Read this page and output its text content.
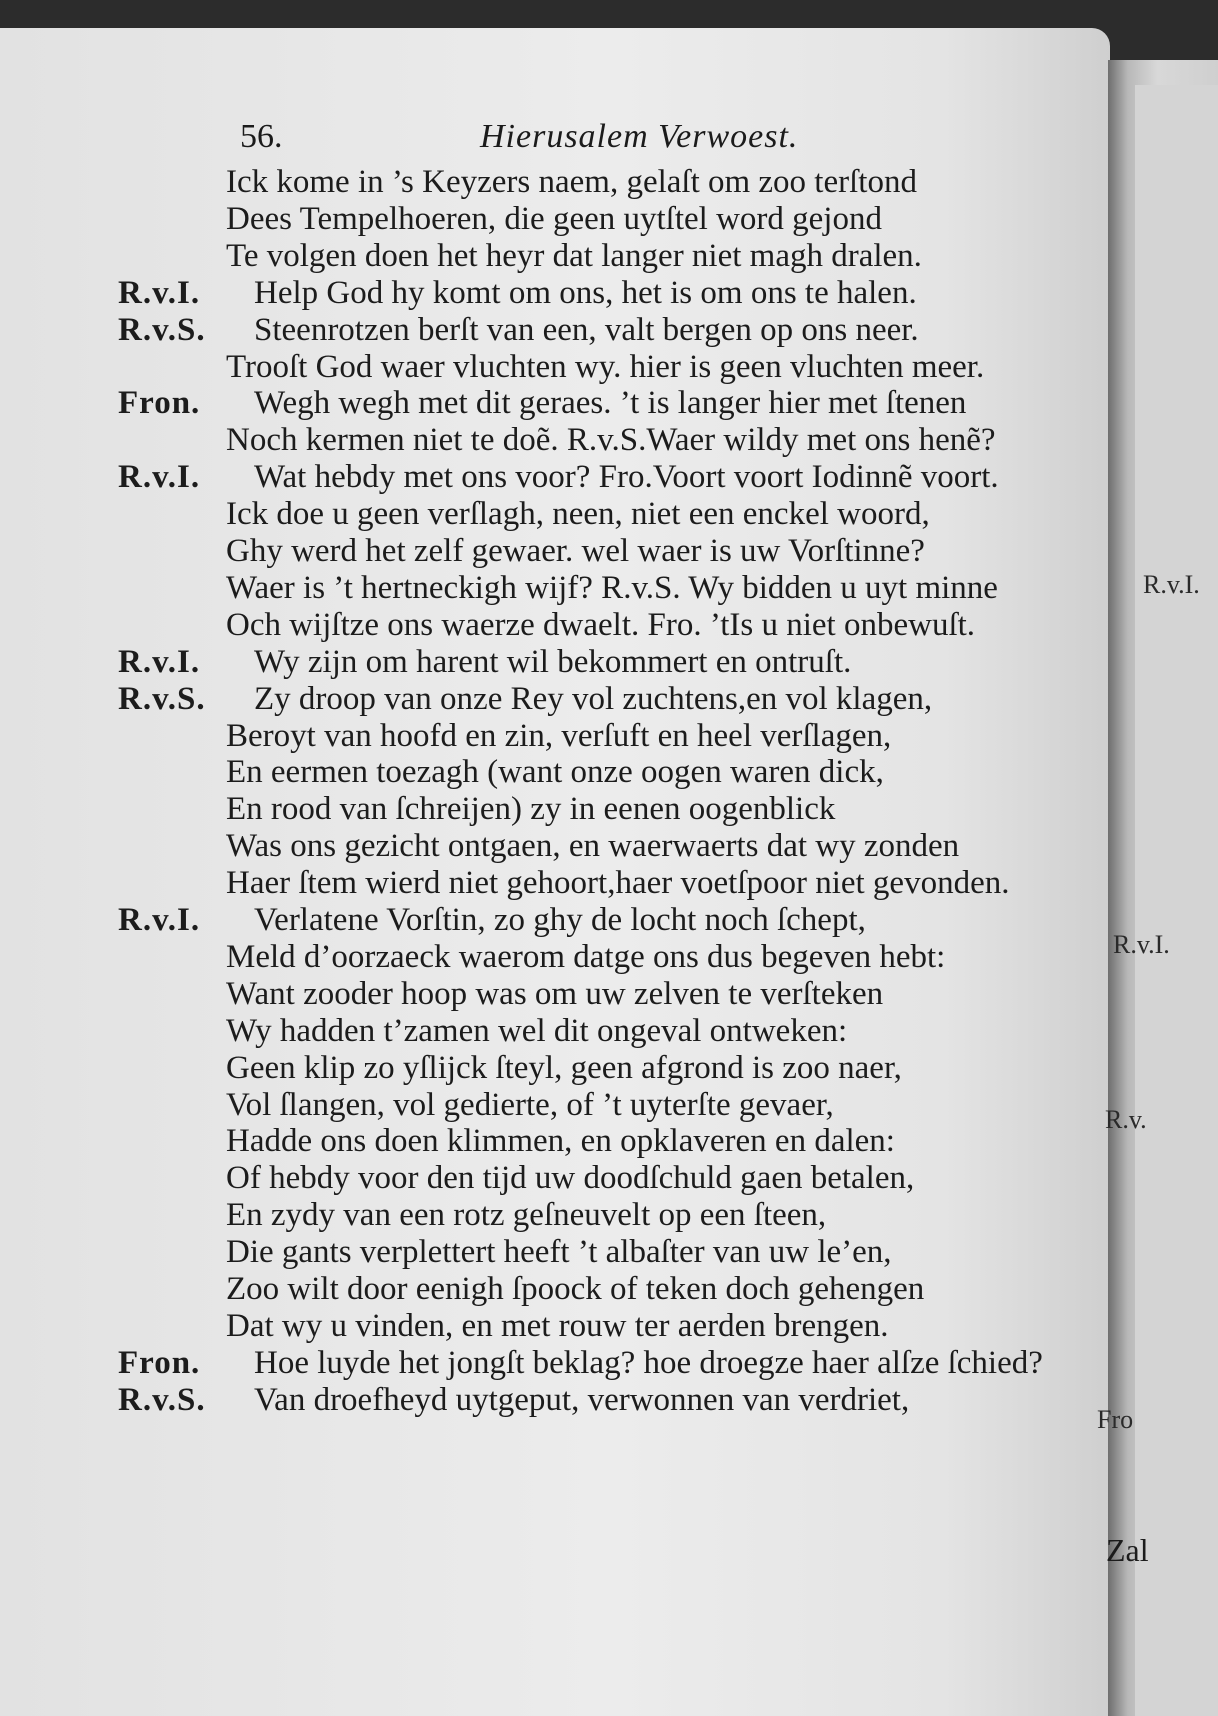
R.v.I.
R.v.I.
R.v.
Fro
56.	Hierusalem Verwoest.
Ick kome in ’s Keyzers naem, gelaſt om zoo terſtond
Dees Tempelhoeren, die geen uytſtel word gejond
Te volgen doen het heyr dat langer niet magh dralen.
R.v.I. Help God hy komt om ons, het is om ons te halen.
R.v.S. Steenrotzen berſt van een, valt bergen op ons neer.
Trooſt God waer vluchten wy. hier is geen vluchten meer.
Fron. Wegh wegh met dit geraes. ’t is langer hier met ſtenen
Noch kermen niet te doẽ. R.v.S.Waer wildy met ons henẽ?
R.v.I. Wat hebdy met ons voor? Fro.Voort voort Iodinnẽ voort.
Ick doe u geen verſlagh, neen, niet een enckel woord,
Ghy werd het zelf gewaer. wel waer is uw Vorſtinne?
Waer is ’t hertneckigh wijf? R.v.S. Wy bidden u uyt minne
Och wijſtze ons waerze dwaelt. Fro. ’tIs u niet onbewuſt.
R.v.I. Wy zijn om harent wil bekommert en ontruſt.
R.v.S. Zy droop van onze Rey vol zuchtens,en vol klagen,
Beroyt van hoofd en zin, verſuft en heel verſlagen,
En eermen toezagh (want onze oogen waren dick,
En rood van ſchreijen) zy in eenen oogenblick
Was ons gezicht ontgaen, en waerwaerts dat wy zonden
Haer ſtem wierd niet gehoort,haer voetſpoor niet gevonden.
R.v.I. Verlatene Vorſtin, zo ghy de locht noch ſchept,
Meld d’oorzaeck waerom datge ons dus begeven hebt:
Want zooder hoop was om uw zelven te verſteken
Wy hadden t’zamen wel dit ongeval ontweken:
Geen klip zo yſlijck ſteyl, geen afgrond is zoo naer,
Vol ſlangen, vol gedierte, of ’t uyterſte gevaer,
Hadde ons doen klimmen, en opklaveren en dalen:
Of hebdy voor den tijd uw doodſchuld gaen betalen,
En zydy van een rotz geſneuvelt op een ſteen,
Die gants verplettert heeft ’t albaſter van uw le’en,
Zoo wilt door eenigh ſpoock of teken doch gehengen
Dat wy u vinden, en met rouw ter aerden brengen.
Fron. Hoe luyde het jongſt beklag? hoe droegze haer alſze ſchied?
R.v.S. Van droefheyd uytgeput, verwonnen van verdriet,
Zal
